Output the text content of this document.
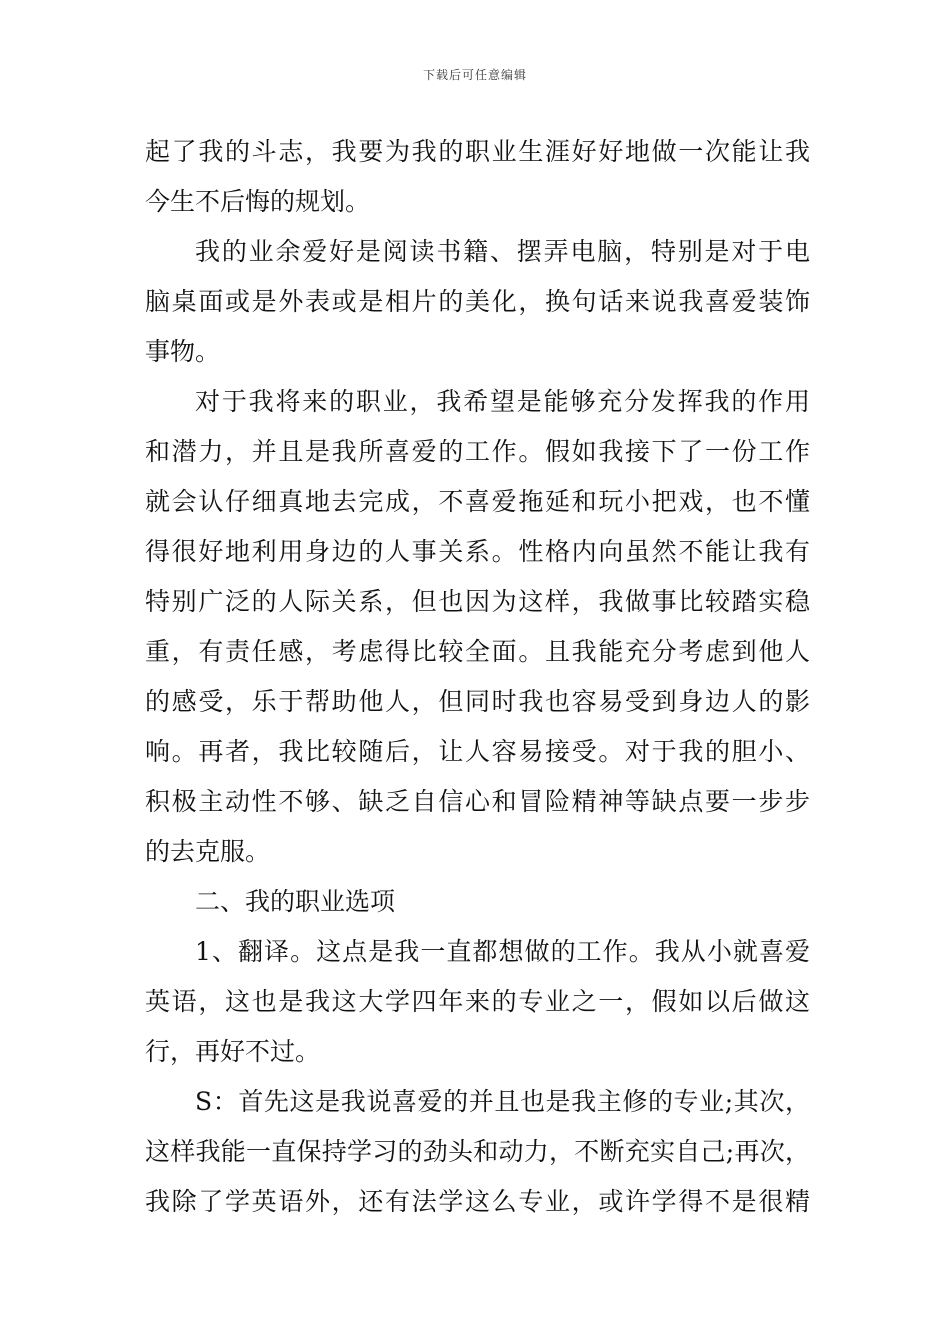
下载后可任意编辑
起了我的斗志，我要为我的职业生涯好好地做一次能让我
今生不后悔的规划。
我的业余爱好是阅读书籍、摆弄电脑，特别是对于电
脑桌面或是外表或是相片的美化，换句话来说我喜爱装饰
事物。
对于我将来的职业，我希望是能够充分发挥我的作用
和潜力，并且是我所喜爱的工作。假如我接下了一份工作
就会认仔细真地去完成，不喜爱拖延和玩小把戏，也不懂
得很好地利用身边的人事关系。性格内向虽然不能让我有
特别广泛的人际关系，但也因为这样，我做事比较踏实稳
重，有责任感，考虑得比较全面。且我能充分考虑到他人
的感受，乐于帮助他人，但同时我也容易受到身边人的影
响。再者，我比较随后，让人容易接受。对于我的胆小、
积极主动性不够、缺乏自信心和冒险精神等缺点要一步步
的去克服。
二、我的职业选项
1、翻译。这点是我一直都想做的工作。我从小就喜爱
英语，这也是我这大学四年来的专业之一，假如以后做这
行，再好不过。
S：首先这是我说喜爱的并且也是我主修的专业;其次，
这样我能一直保持学习的劲头和动力，不断充实自己;再次，
我除了学英语外，还有法学这么专业，或许学得不是很精
